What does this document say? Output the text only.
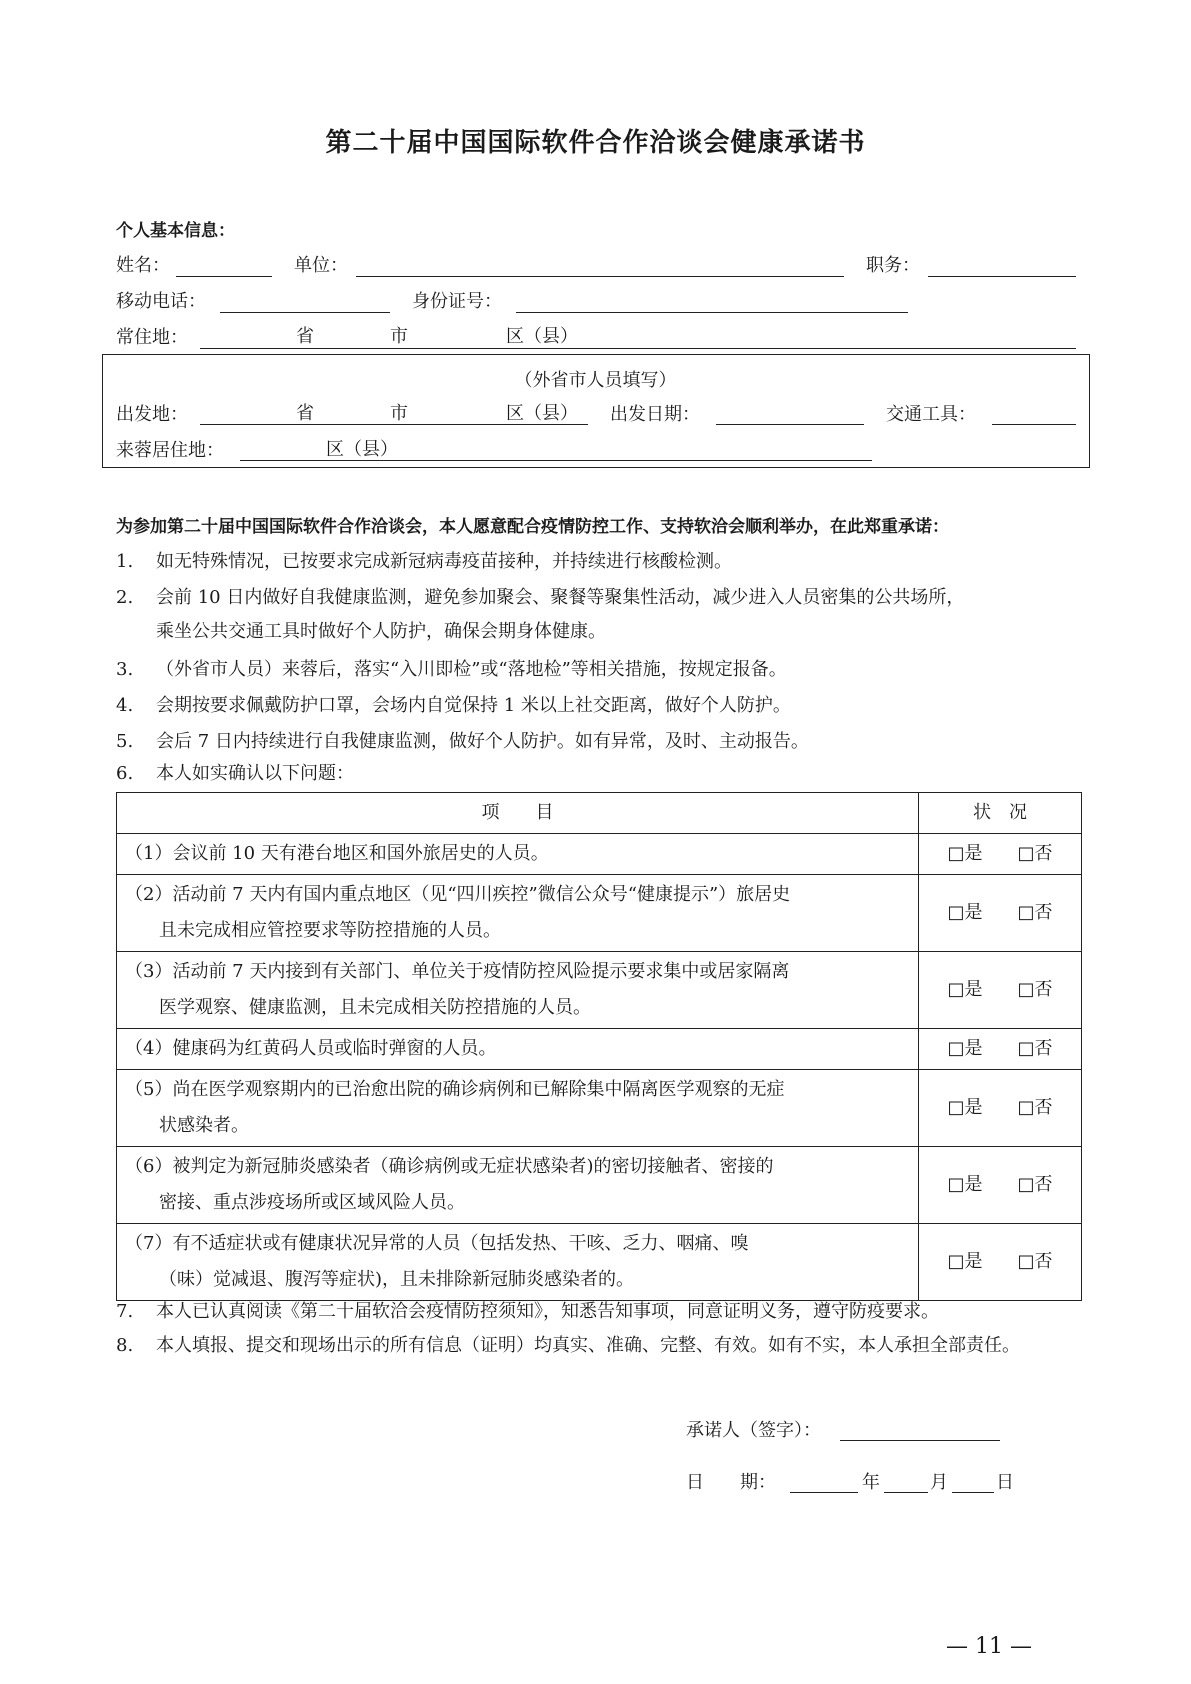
第二十届中国国际软件合作洽谈会健康承诺书
个人基本信息：
姓名：	单位：	职务：
移动电话：	身份证号：
常住地：	省	市	区（县）
（外省市人员填写）
出发地：	省	市	区（县） 出发日期：	交通工具：
来蓉居住地：	区（县）
为参加第二十届中国国际软件合作洽谈会，本人愿意配合疫情防控工作、支持软洽会顺利举办，在此郑重承诺：
1. 如无特殊情况，已按要求完成新冠病毒疫苗接种，并持续进行核酸检测。
2. 会前 10 日内做好自我健康监测，避免参加聚会、聚餐等聚集性活动，减少进入人员密集的公共场所，
乘坐公共交通工具时做好个人防护，确保会期身体健康。
3. （外省市人员）来蓉后，落实“入川即检”或“落地检”等相关措施，按规定报备。
4. 会期按要求佩戴防护口罩，会场内自觉保持 1 米以上社交距离，做好个人防护。
5. 会后 7 日内持续进行自我健康监测，做好个人防护。如有异常，及时、主动报告。
6. 本人如实确认以下问题：
项　　目	状　况
（1）会议前 10 天有港台地区和国外旅居史的人员。	□是 □否

（2）活动前 7 天内有国内重点地区（见“四川疾控”微信公众号“健康提示”）旅居史
且未完成相应管控要求等防控措施的人员。	□是 □否

（3）活动前 7 天内接到有关部门、单位关于疫情防控风险提示要求集中或居家隔离
医学观察、健康监测，且未完成相关防控措施的人员。	□是 □否
（4）健康码为红黄码人员或临时弹窗的人员。	□是 □否

（5）尚在医学观察期内的已治愈出院的确诊病例和已解除集中隔离医学观察的无症
状感染者。	□是 □否

（6）被判定为新冠肺炎感染者（确诊病例或无症状感染者)的密切接触者、密接的
密接、重点涉疫场所或区域风险人员。	□是 □否

（7）有不适症状或有健康状况异常的人员（包括发热、干咳、乏力、咽痛、嗅
（味）觉减退、腹泻等症状)，且未排除新冠肺炎感染者的。	□是 □否
7. 本人已认真阅读《第二十届软洽会疫情防控须知》，知悉告知事项，同意证明义务，遵守防疫要求。
8. 本人填报、提交和现场出示的所有信息（证明）均真实、准确、完整、有效。如有不实，本人承担全部责任。
承诺人（签字）：
日　　期：	年	月	日
— 11 —
